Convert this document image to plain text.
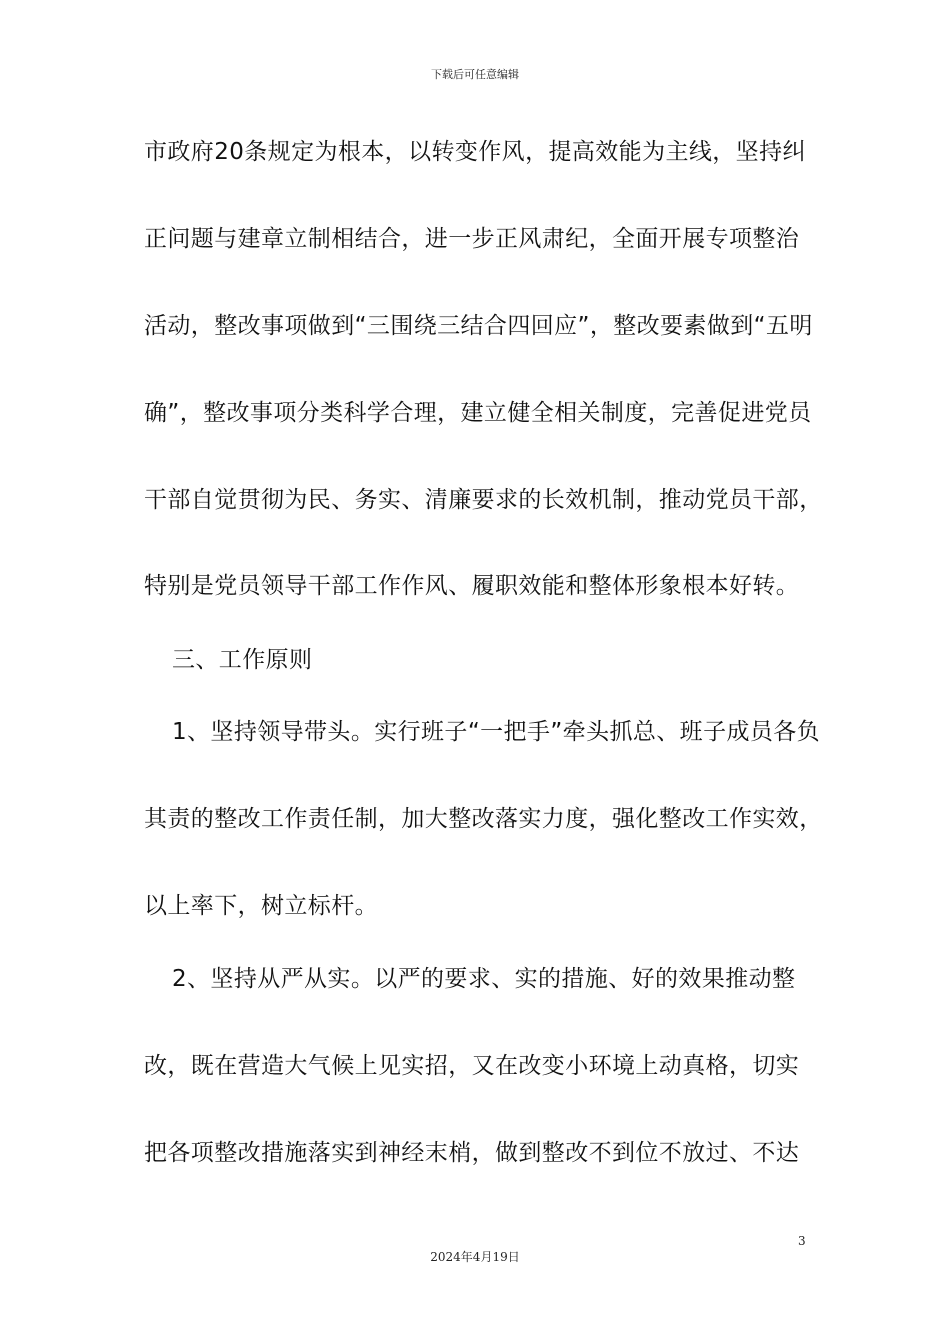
下载后可任意编辑
市政府20条规定为根本，以转变作风，提高效能为主线，坚持纠
正问题与建章立制相结合，进一步正风肃纪，全面开展专项整治
活动，整改事项做到“三围绕三结合四回应”，整改要素做到“五明
确”，整改事项分类科学合理，建立健全相关制度，完善促进党员
干部自觉贯彻为民、务实、清廉要求的长效机制，推动党员干部，
特别是党员领导干部工作作风、履职效能和整体形象根本好转。
三、工作原则
1、坚持领导带头。实行班子“一把手”牵头抓总、班子成员各负
其责的整改工作责任制，加大整改落实力度，强化整改工作实效，
以上率下，树立标杆。
2、坚持从严从实。以严的要求、实的措施、好的效果推动整
改，既在营造大气候上见实招，又在改变小环境上动真格，切实
把各项整改措施落实到神经末梢，做到整改不到位不放过、不达
3
2024年4月19日
